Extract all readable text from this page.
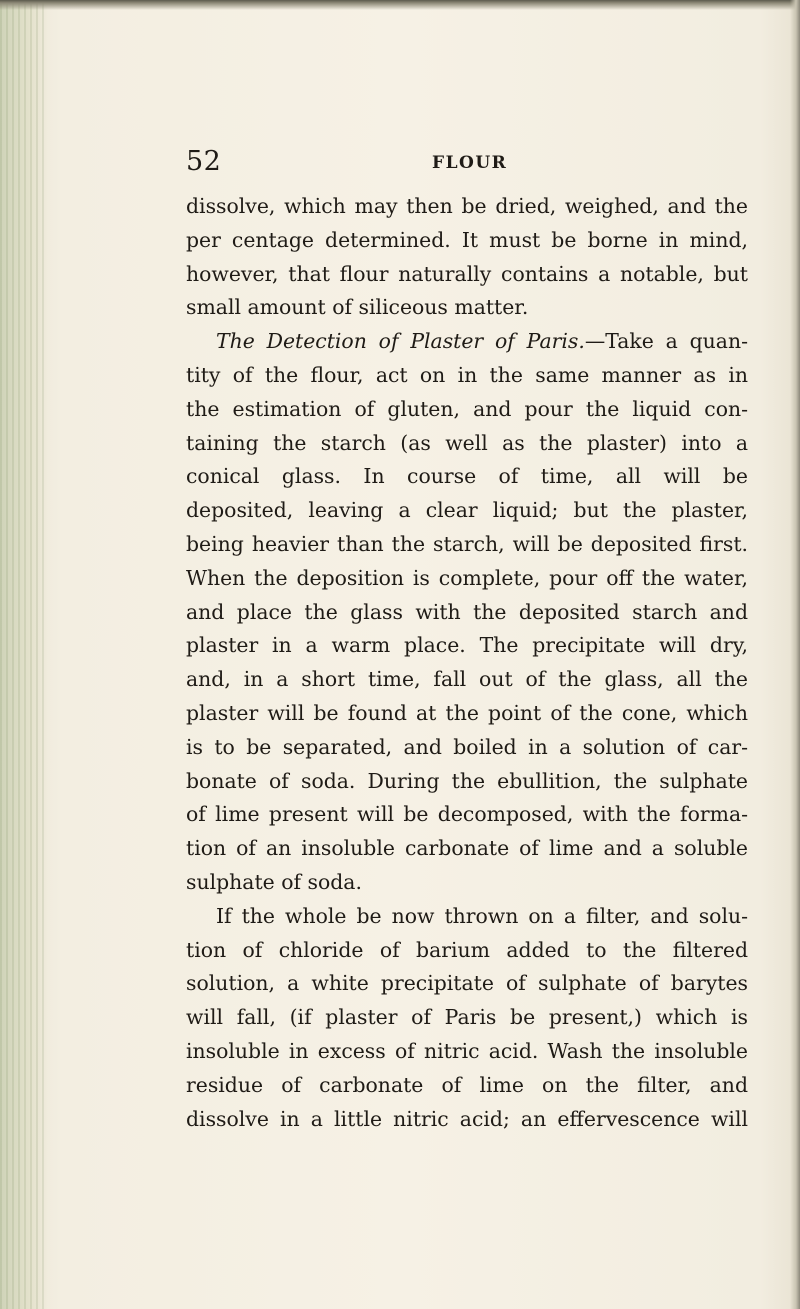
52	FLOUR
dissolve, which may then be dried, weighed, and the
per centage determined. It must be borne in mind,
however, that flour naturally contains a notable, but
small amount of siliceous matter.
The Detection of Plaster of Paris.—Take a quan-
tity of the flour, act on in the same manner as in
the estimation of gluten, and pour the liquid con-
taining the starch (as well as the plaster) into a
conical glass. In course of time, all will be
deposited, leaving a clear liquid; but the plaster,
being heavier than the starch, will be deposited first.
When the deposition is complete, pour off the water,
and place the glass with the deposited starch and
plaster in a warm place. The precipitate will dry,
and, in a short time, fall out of the glass, all the
plaster will be found at the point of the cone, which
is to be separated, and boiled in a solution of car-
bonate of soda. During the ebullition, the sulphate
of lime present will be decomposed, with the forma-
tion of an insoluble carbonate of lime and a soluble
sulphate of soda.
If the whole be now thrown on a filter, and solu-
tion of chloride of barium added to the filtered
solution, a white precipitate of sulphate of barytes
will fall, (if plaster of Paris be present,) which is
insoluble in excess of nitric acid. Wash the insoluble
residue of carbonate of lime on the filter, and
dissolve in a little nitric acid; an effervescence will
